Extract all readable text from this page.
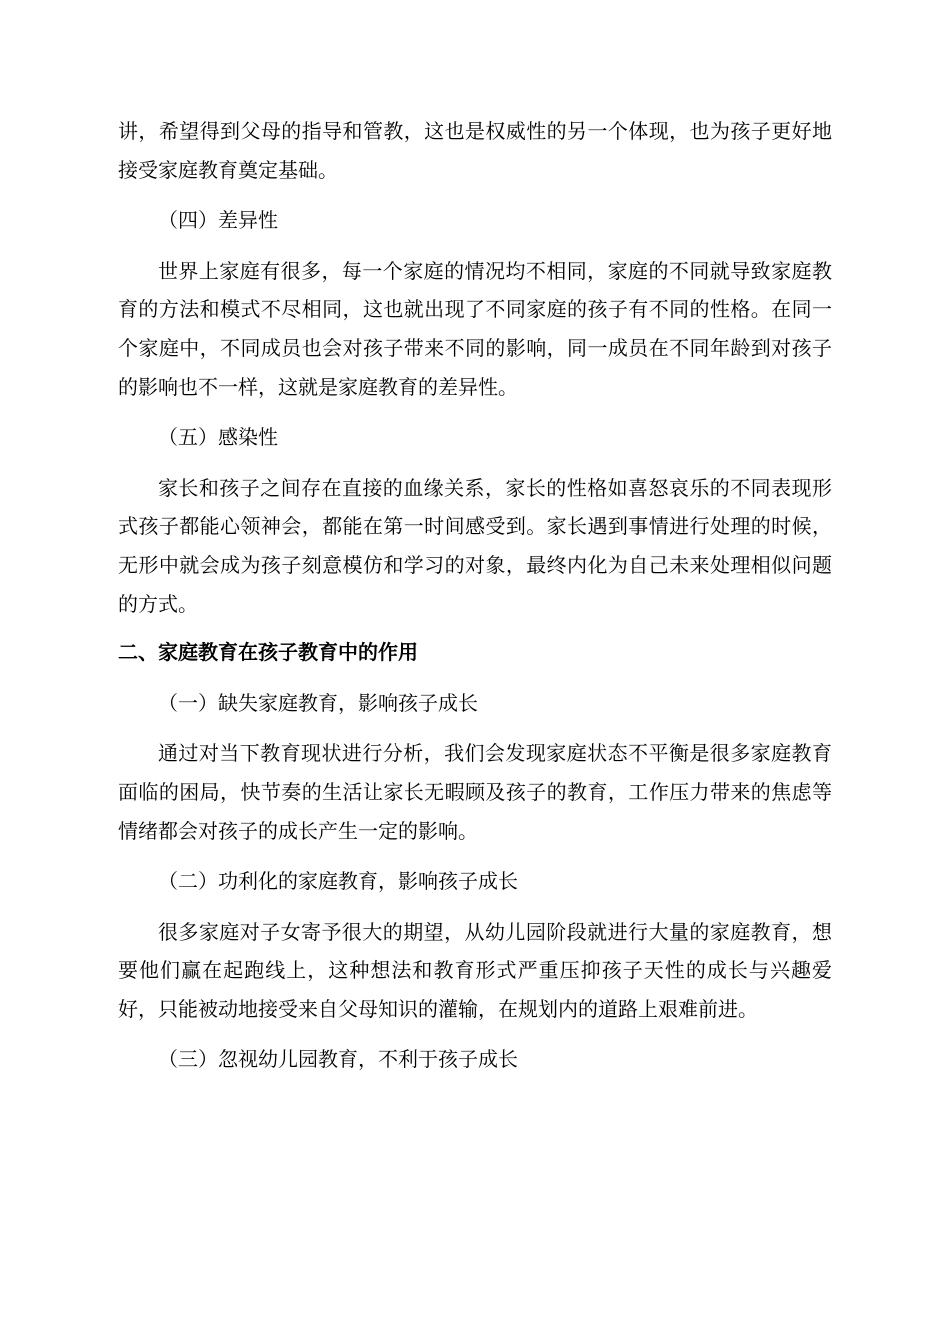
讲，希望得到父母的指导和管教，这也是权威性的另一个体现，也为孩子更好地接受家庭教育奠定基础。

（四）差异性

世界上家庭有很多，每一个家庭的情况均不相同，家庭的不同就导致家庭教育的方法和模式不尽相同，这也就出现了不同家庭的孩子有不同的性格。在同一个家庭中，不同成员也会对孩子带来不同的影响，同一成员在不同年龄到对孩子的影响也不一样，这就是家庭教育的差异性。

（五）感染性

家长和孩子之间存在直接的血缘关系，家长的性格如喜怒哀乐的不同表现形式孩子都能心领神会，都能在第一时间感受到。家长遇到事情进行处理的时候，无形中就会成为孩子刻意模仿和学习的对象，最终内化为自己未来处理相似问题的方式。

二、家庭教育在孩子教育中的作用

（一）缺失家庭教育，影响孩子成长

通过对当下教育现状进行分析，我们会发现家庭状态不平衡是很多家庭教育面临的困局，快节奏的生活让家长无暇顾及孩子的教育，工作压力带来的焦虑等情绪都会对孩子的成长产生一定的影响。

（二）功利化的家庭教育，影响孩子成长

很多家庭对子女寄予很大的期望，从幼儿园阶段就进行大量的家庭教育，想要他们赢在起跑线上，这种想法和教育形式严重压抑孩子天性的成长与兴趣爱好，只能被动地接受来自父母知识的灌输，在规划内的道路上艰难前进。

（三）忽视幼儿园教育，不利于孩子成长
